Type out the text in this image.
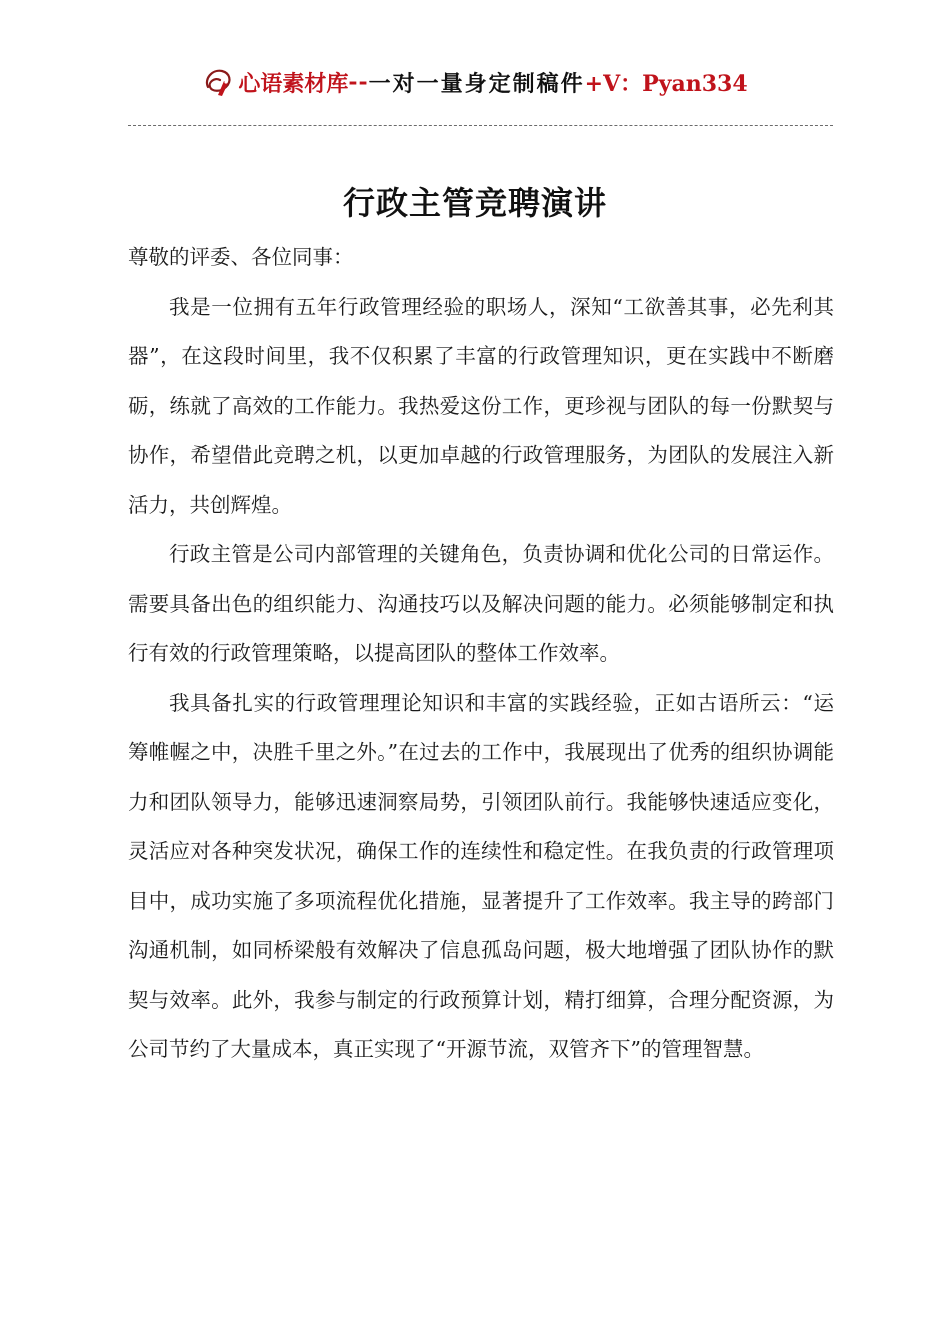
心语素材库 -- 一对一量身定制稿件 +V：Pyan334
行政主管竞聘演讲

尊敬的评委、各位同事：

我是一位拥有五年行政管理经验的职场人，深知“工欲善其事，必先利其器”，在这段时间里，我不仅积累了丰富的行政管理知识，更在实践中不断磨砺，练就了高效的工作能力。我热爱这份工作，更珍视与团队的每一份默契与协作，希望借此竞聘之机，以更加卓越的行政管理服务，为团队的发展注入新活力，共创辉煌。

行政主管是公司内部管理的关键角色，负责协调和优化公司的日常运作。需要具备出色的组织能力、沟通技巧以及解决问题的能力。必须能够制定和执行有效的行政管理策略，以提高团队的整体工作效率。

我具备扎实的行政管理理论知识和丰富的实践经验，正如古语所云：“运筹帷幄之中，决胜千里之外。”在过去的工作中，我展现出了优秀的组织协调能力和团队领导力，能够迅速洞察局势，引领团队前行。我能够快速适应变化，灵活应对各种突发状况，确保工作的连续性和稳定性。在我负责的行政管理项目中，成功实施了多项流程优化措施，显著提升了工作效率。我主导的跨部门沟通机制，如同桥梁般有效解决了信息孤岛问题，极大地增强了团队协作的默契与效率。此外，我参与制定的行政预算计划，精打细算，合理分配资源，为公司节约了大量成本，真正实现了“开源节流，双管齐下”的管理智慧。
